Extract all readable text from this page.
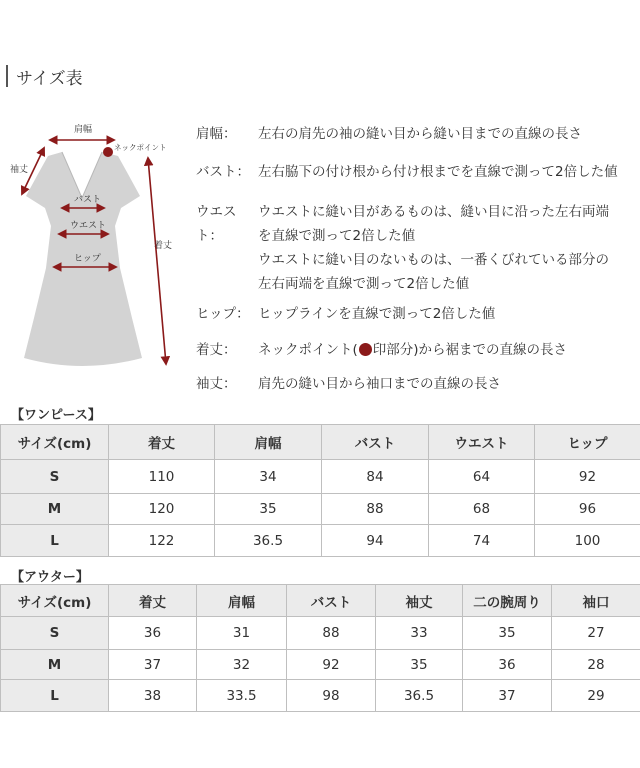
サイズ表
肩幅
ネックポイント
袖丈
バスト
ウエスト
ヒップ
着丈
肩幅：	左右の肩先の袖の縫い目から縫い目までの直線の長さ
バスト： 左右脇下の付け根から付け根までを直線で測って2倍した値
ウエスト：
ウエストに縫い目があるものは、縫い目に沿った左右両端
を直線で測って2倍した値
ウエストに縫い目のないものは、一番くびれている部分の
左右両端を直線で測って2倍した値
ヒップ： ヒップラインを直線で測って2倍した値
着丈：	ネックポイント( 印部分)から裾までの直線の長さ
袖丈：	肩先の縫い目から袖口までの直線の長さ
【ワンピース】
サイズ(cm)	着丈	肩幅	バスト	ウエスト	ヒップ
S	110	34	84	64	92
M	120	35	88	68	96
L	122	36.5	94	74	100
【アウター】
サイズ(cm)	着丈	肩幅	バスト	袖丈	二の腕周り	袖口
S	36	31	88	33	35	27
M	37	32	92	35	36	28
L	38	33.5	98	36.5	37	29
